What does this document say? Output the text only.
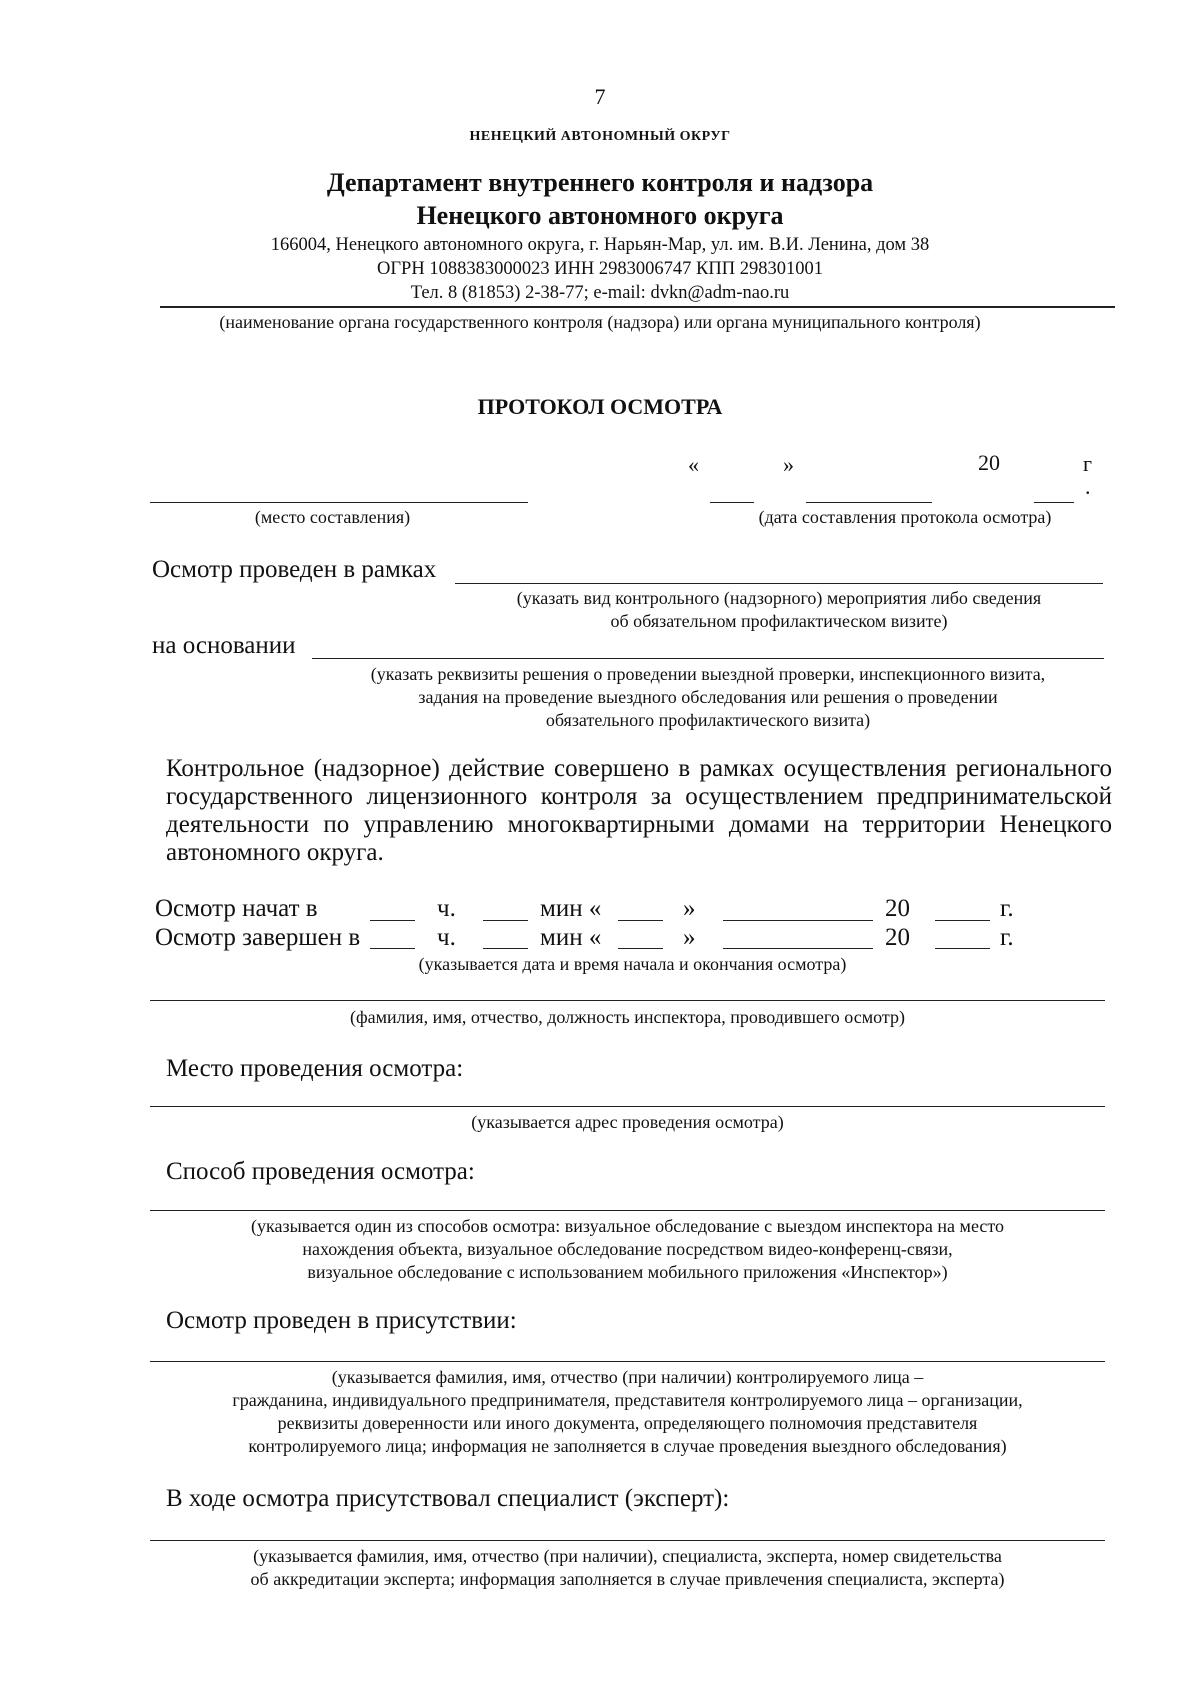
7
НЕНЕЦКИЙ АВТОНОМНЫЙ ОКРУГ
Департамент внутреннего контроля и надзора
Ненецкого автономного округа
166004, Ненецкого автономного округа, г. Нарьян-Мар, ул. им. В.И. Ленина, дом 38
ОГРН 1088383000023 ИНН 2983006747 КПП 298301001
Тел. 8 (81853) 2-38-77; e-mail: dvkn@adm-nao.ru
(наименование органа государственного контроля (надзора) или органа муниципального контроля)
ПРОТОКОЛ ОСМОТРА
«	»	20	г
.
(место составления)	(дата составления протокола осмотра)
Осмотр проведен в рамках
(указать вид контрольного (надзорного) мероприятия либо сведения
об обязательном профилактическом визите)
на основании
(указать реквизиты решения о проведении выездной проверки, инспекционного визита,
задания на проведение выездного обследования или решения о проведении
обязательного профилактического визита)
Контрольное (надзорное) действие совершено в рамках осуществления регионального государственного лицензионного контроля за осуществлением предпринимательской деятельности по управлению многоквартирными домами на территории Ненецкого автономного округа.
Осмотр начат в	ч.	мин «	»	20	г.
Осмотр завершен в	ч.	мин «	»	20	г.
(указывается дата и время начала и окончания осмотра)
(фамилия, имя, отчество, должность инспектора, проводившего осмотр)
Место проведения осмотра:
(указывается адрес проведения осмотра)
Способ проведения осмотра:
(указывается один из способов осмотра: визуальное обследование с выездом инспектора на место
нахождения объекта, визуальное обследование посредством видео-конференц-связи,
визуальное обследование с использованием мобильного приложения «Инспектор»)
Осмотр проведен в присутствии:
(указывается фамилия, имя, отчество (при наличии) контролируемого лица –
гражданина, индивидуального предпринимателя, представителя контролируемого лица – организации,
реквизиты доверенности или иного документа, определяющего полномочия представителя
контролируемого лица; информация не заполняется в случае проведения выездного обследования)
В ходе осмотра присутствовал специалист (эксперт):
(указывается фамилия, имя, отчество (при наличии), специалиста, эксперта, номер свидетельства
об аккредитации эксперта; информация заполняется в случае привлечения специалиста, эксперта)
